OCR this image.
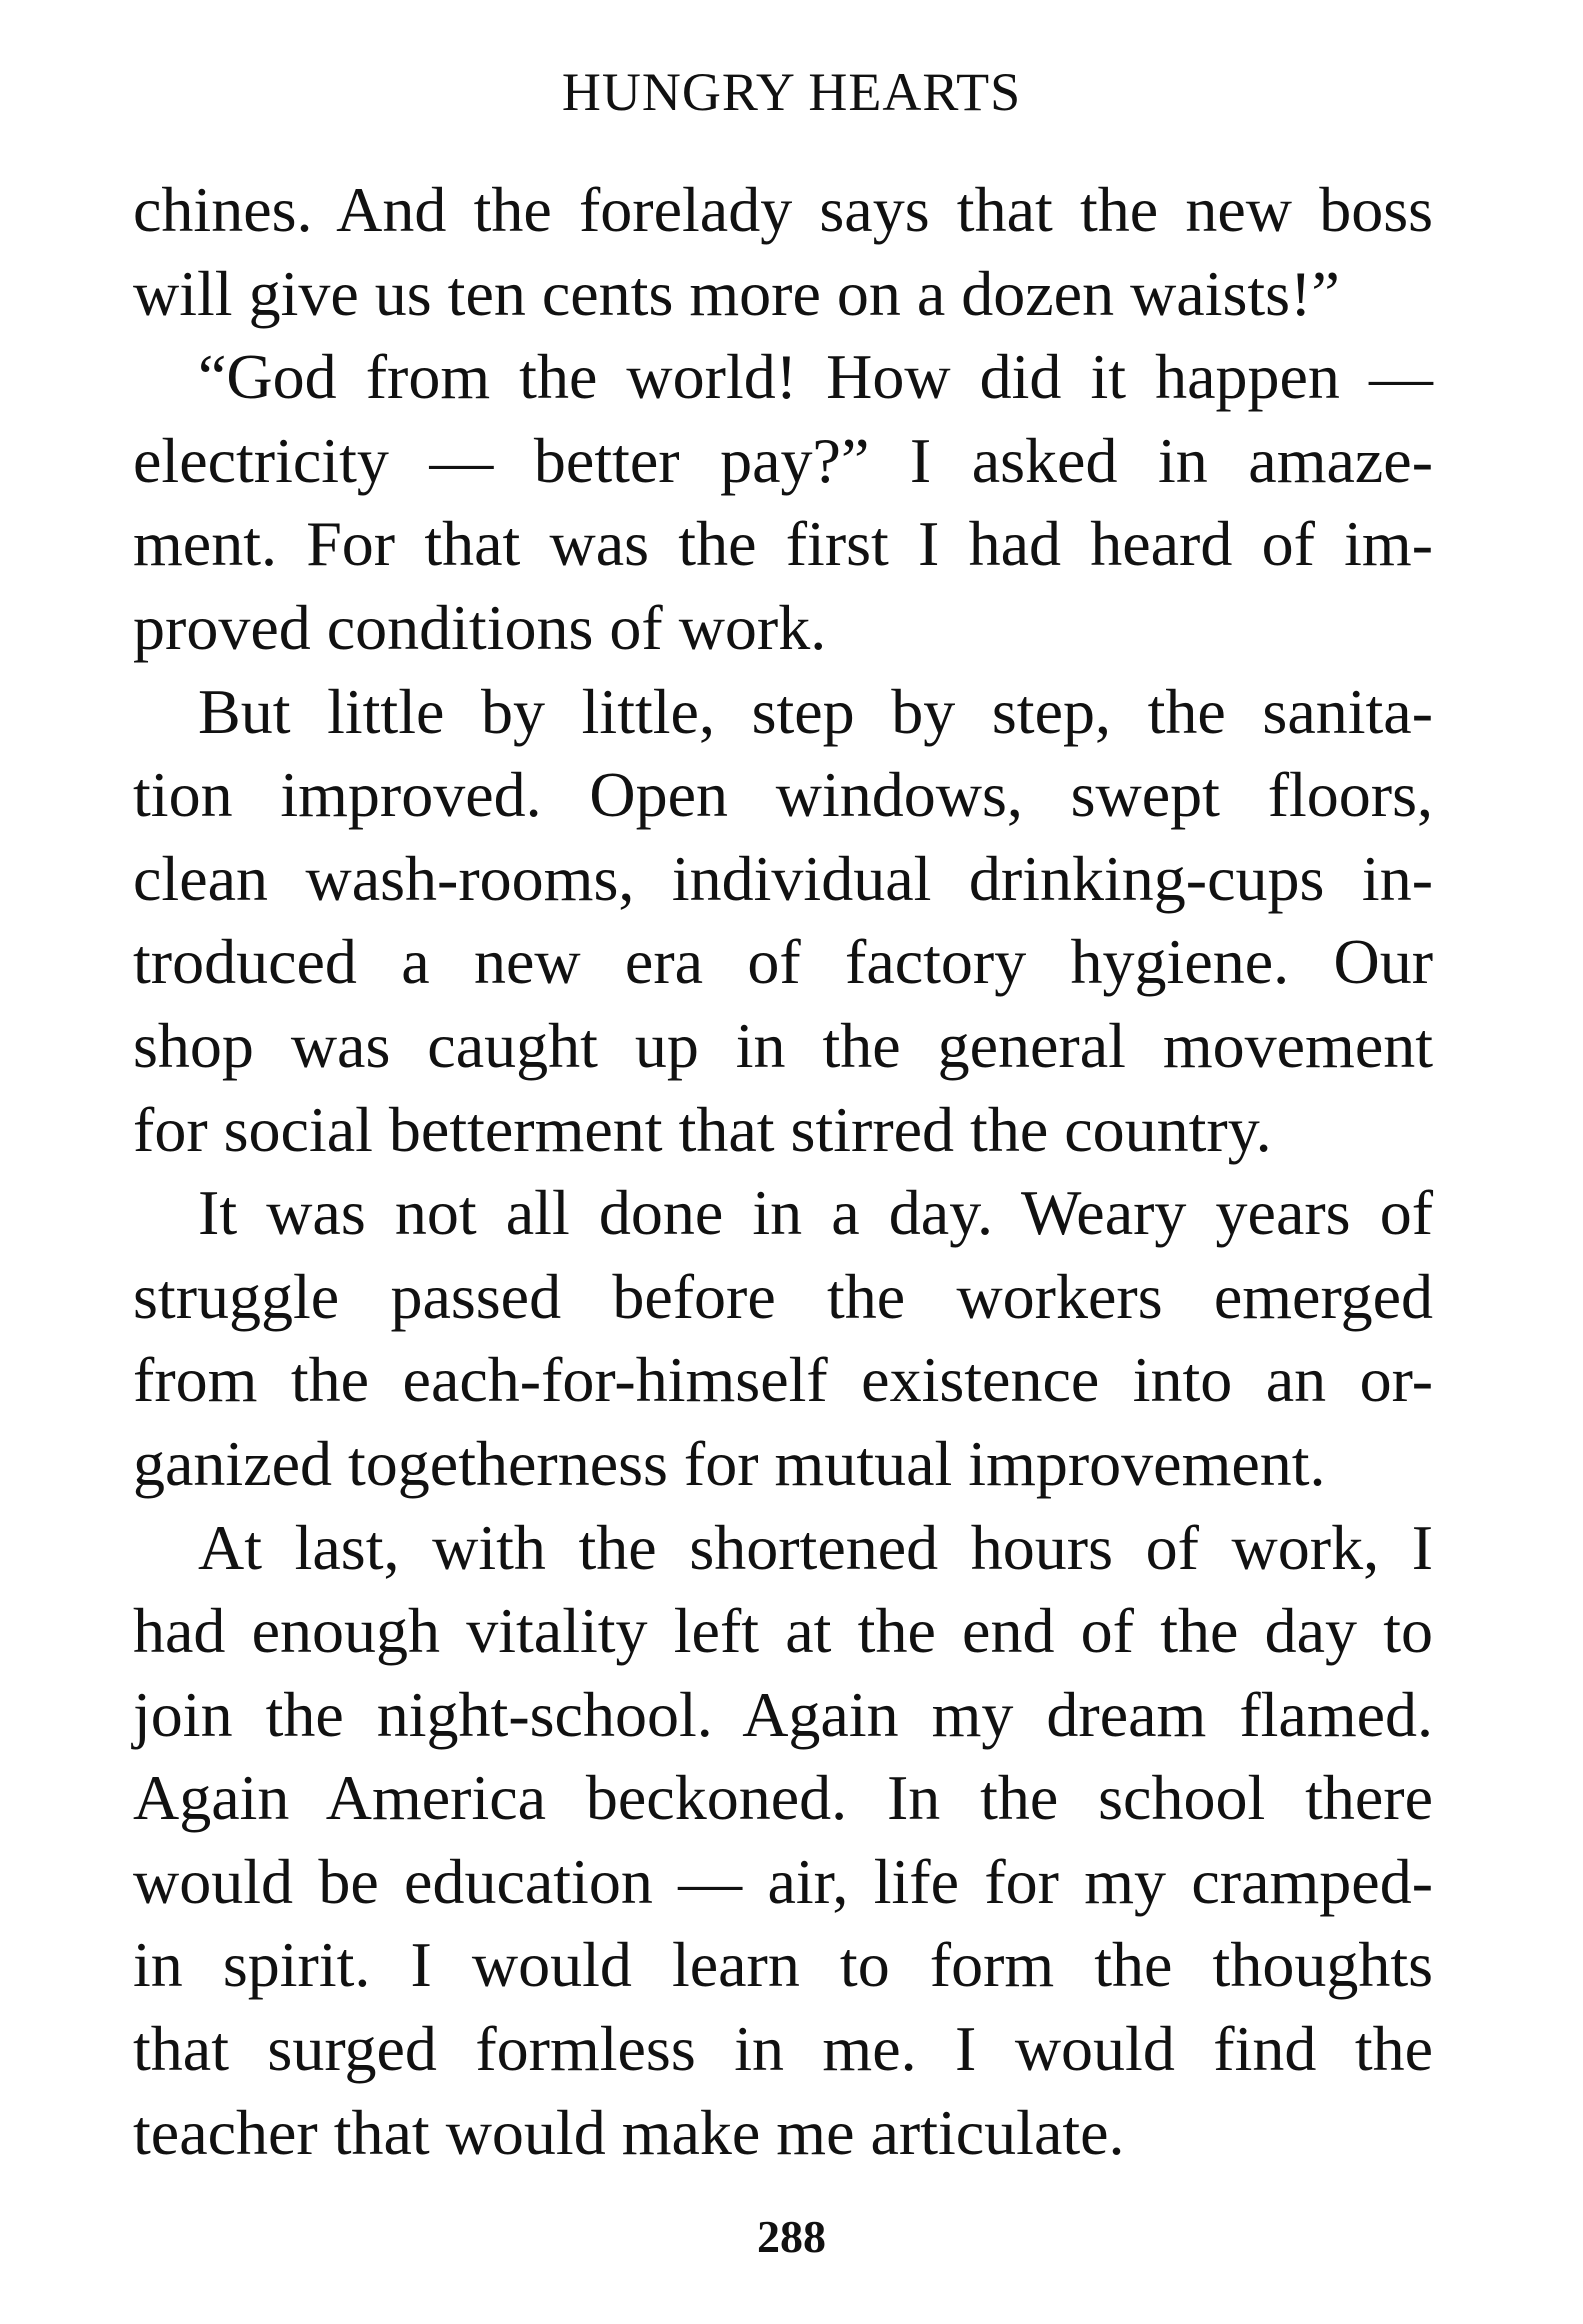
HUNGRY HEARTS
chines. And the forelady says that the new boss
will give us ten cents more on a dozen waists!”
“God from the world! How did it happen —
electricity — better pay?” I asked in amaze-
ment. For that was the first I had heard of im-
proved conditions of work.
But little by little, step by step, the sanita-
tion improved. Open windows, swept floors,
clean wash-rooms, individual drinking-cups in-
troduced a new era of factory hygiene. Our
shop was caught up in the general movement
for social betterment that stirred the country.
It was not all done in a day. Weary years of
struggle passed before the workers emerged
from the each-for-himself existence into an or-
ganized togetherness for mutual improvement.
At last, with the shortened hours of work, I
had enough vitality left at the end of the day to
join the night-school. Again my dream flamed.
Again America beckoned. In the school there
would be education — air, life for my cramped-
in spirit. I would learn to form the thoughts
that surged formless in me. I would find the
teacher that would make me articulate.
288
